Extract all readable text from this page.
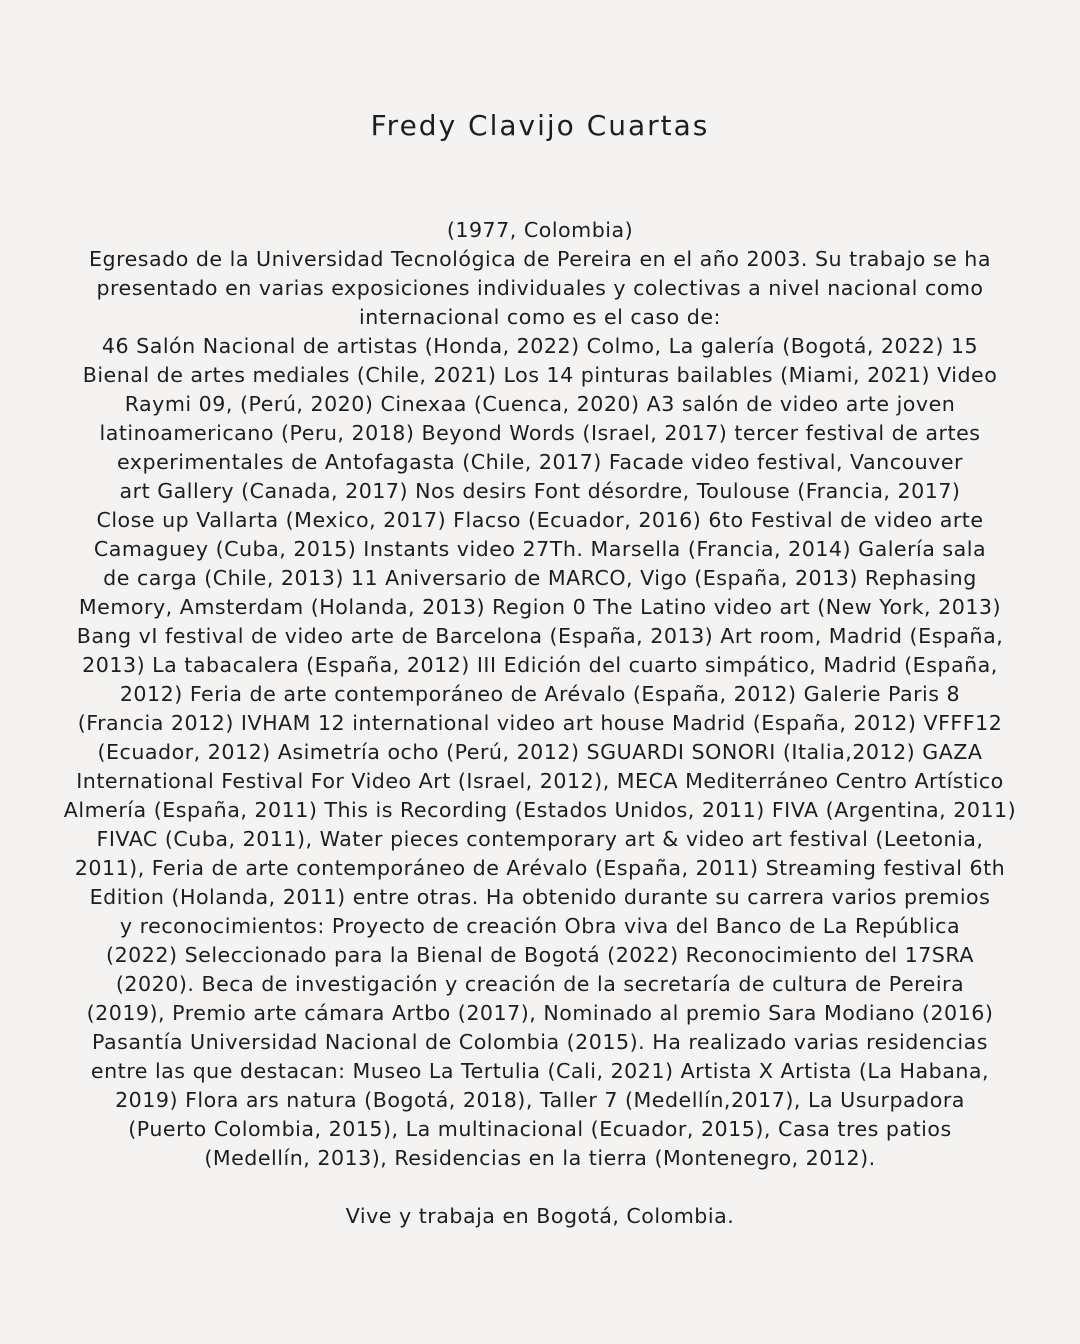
Fredy Clavijo Cuartas
(1977, Colombia)
Egresado de la Universidad Tecnológica de Pereira en el año 2003. Su trabajo se ha
presentado en varias exposiciones individuales y colectivas a nivel nacional como
internacional como es el caso de:
46 Salón Nacional de artistas (Honda, 2022) Colmo, La galería (Bogotá, 2022) 15
Bienal de artes mediales (Chile, 2021) Los 14 pinturas bailables (Miami, 2021) Video
Raymi 09, (Perú, 2020) Cinexaa (Cuenca, 2020) A3 salón de video arte joven
latinoamericano (Peru, 2018) Beyond Words (Israel, 2017) tercer festival de artes
experimentales de Antofagasta (Chile, 2017) Facade video festival, Vancouver
art Gallery (Canada, 2017) Nos desirs Font désordre, Toulouse (Francia, 2017)
Close up Vallarta (Mexico, 2017) Flacso (Ecuador, 2016) 6to Festival de video arte
Camaguey (Cuba, 2015) Instants video 27Th. Marsella (Francia, 2014) Galería sala
de carga (Chile, 2013) 11 Aniversario de MARCO, Vigo (España, 2013) Rephasing
Memory, Amsterdam (Holanda, 2013) Region 0 The Latino video art (New York, 2013)
Bang vI festival de video arte de Barcelona (España, 2013) Art room, Madrid (España,
2013) La tabacalera (España, 2012) III Edición del cuarto simpático, Madrid (España,
2012) Feria de arte contemporáneo de Arévalo (España, 2012) Galerie Paris 8
(Francia 2012) IVHAM 12 international video art house Madrid (España, 2012) VFFF12
(Ecuador, 2012) Asimetría ocho (Perú, 2012) SGUARDI SONORI (Italia,2012) GAZA
International Festival For Video Art (Israel, 2012), MECA Mediterráneo Centro Artístico
Almería (España, 2011) This is Recording (Estados Unidos, 2011) FIVA (Argentina, 2011)
FIVAC (Cuba, 2011), Water pieces contemporary art & video art festival (Leetonia,
2011), Feria de arte contemporáneo de Arévalo (España, 2011) Streaming festival 6th
Edition (Holanda, 2011) entre otras. Ha obtenido durante su carrera varios premios
y reconocimientos: Proyecto de creación Obra viva del Banco de La República
(2022) Seleccionado para la Bienal de Bogotá (2022) Reconocimiento del 17SRA
(2020). Beca de investigación y creación de la secretaría de cultura de Pereira
(2019), Premio arte cámara Artbo (2017), Nominado al premio Sara Modiano (2016)
Pasantía Universidad Nacional de Colombia (2015). Ha realizado varias residencias
entre las que destacan: Museo La Tertulia (Cali, 2021) Artista X Artista (La Habana,
2019) Flora ars natura (Bogotá, 2018), Taller 7 (Medellín,2017), La Usurpadora
(Puerto Colombia, 2015), La multinacional (Ecuador, 2015), Casa tres patios
(Medellín, 2013), Residencias en la tierra (Montenegro, 2012).
Vive y trabaja en Bogotá, Colombia.
